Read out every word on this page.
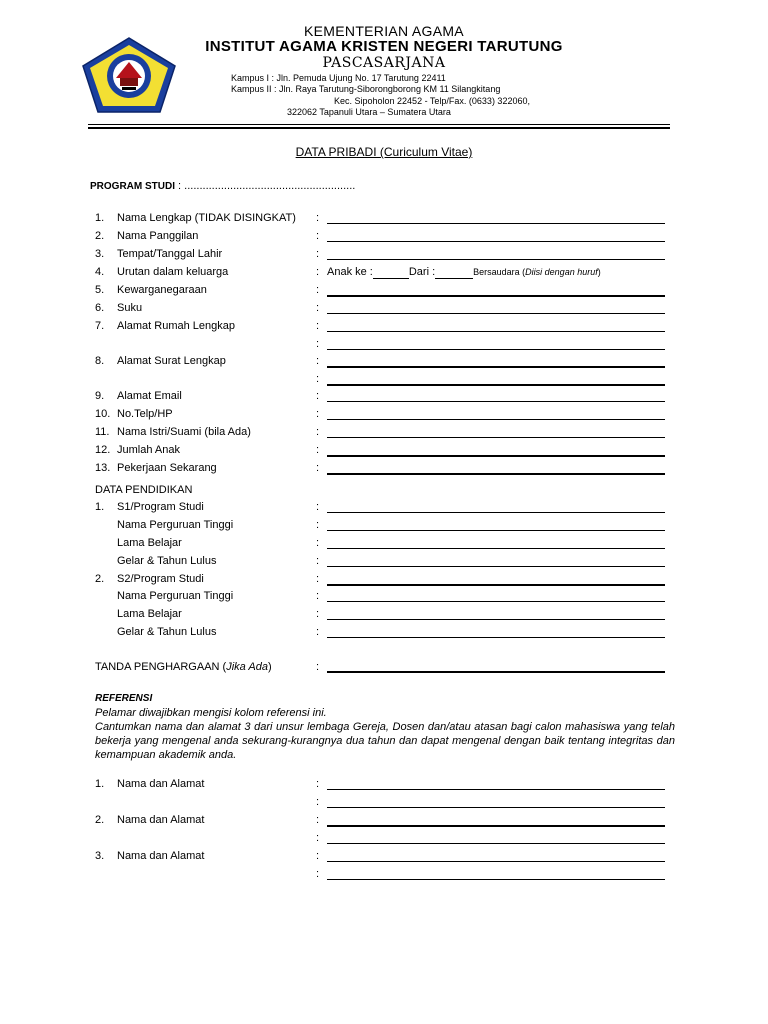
KEMENTERIAN AGAMA
INSTITUT AGAMA KRISTEN NEGERI TARUTUNG
PASCASARJANA
Kampus I : Jln. Pemuda Ujung No. 17 Tarutung 22411
Kampus II : Jln. Raya Tarutung-Siborongborong KM 11 Silangkitang
Kec. Sipoholon 22452 - Telp/Fax. (0633) 322060,
322062 Tapanuli Utara – Sumatera Utara
DATA PRIBADI (Curiculum Vitae)
PROGRAM STUDI : ........................................................
1. Nama Lengkap (TIDAK DISINGKAT) :
2. Nama Panggilan	:
3. Tempat/Tanggal Lahir	:
4. Urutan dalam keluarga	: Anak ke :	Dari :	Bersaudara (Diisi dengan huruf)
5. Kewarganegaraan	:
6. Suku	:
7. Alamat Rumah Lengkap	:
:
8. Alamat Surat Lengkap	:
:
9. Alamat Email	:
10. No.Telp/HP	:
11. Nama Istri/Suami (bila Ada)	:
12. Jumlah Anak	:
13. Pekerjaan Sekarang	:
DATA PENDIDIKAN
1. S1/Program Studi	:
Nama Perguruan Tinggi	:
Lama Belajar	:
Gelar & Tahun Lulus	:
2. S2/Program Studi	:
Nama Perguruan Tinggi	:
Lama Belajar	:
Gelar & Tahun Lulus	:
TANDA PENGHARGAAN (Jika Ada)	:
REFERENSI
Pelamar diwajibkan mengisi kolom referensi ini.
Cantumkan nama dan alamat 3 dari unsur lembaga Gereja, Dosen dan/atau atasan bagi calon mahasiswa yang telah bekerja yang mengenal anda sekurang-kurangnya dua tahun dan dapat mengenal dengan baik tentang integritas dan kemampuan akademik anda.
1. Nama dan Alamat	:
:
2. Nama dan Alamat	:
:
3. Nama dan Alamat	:
:
